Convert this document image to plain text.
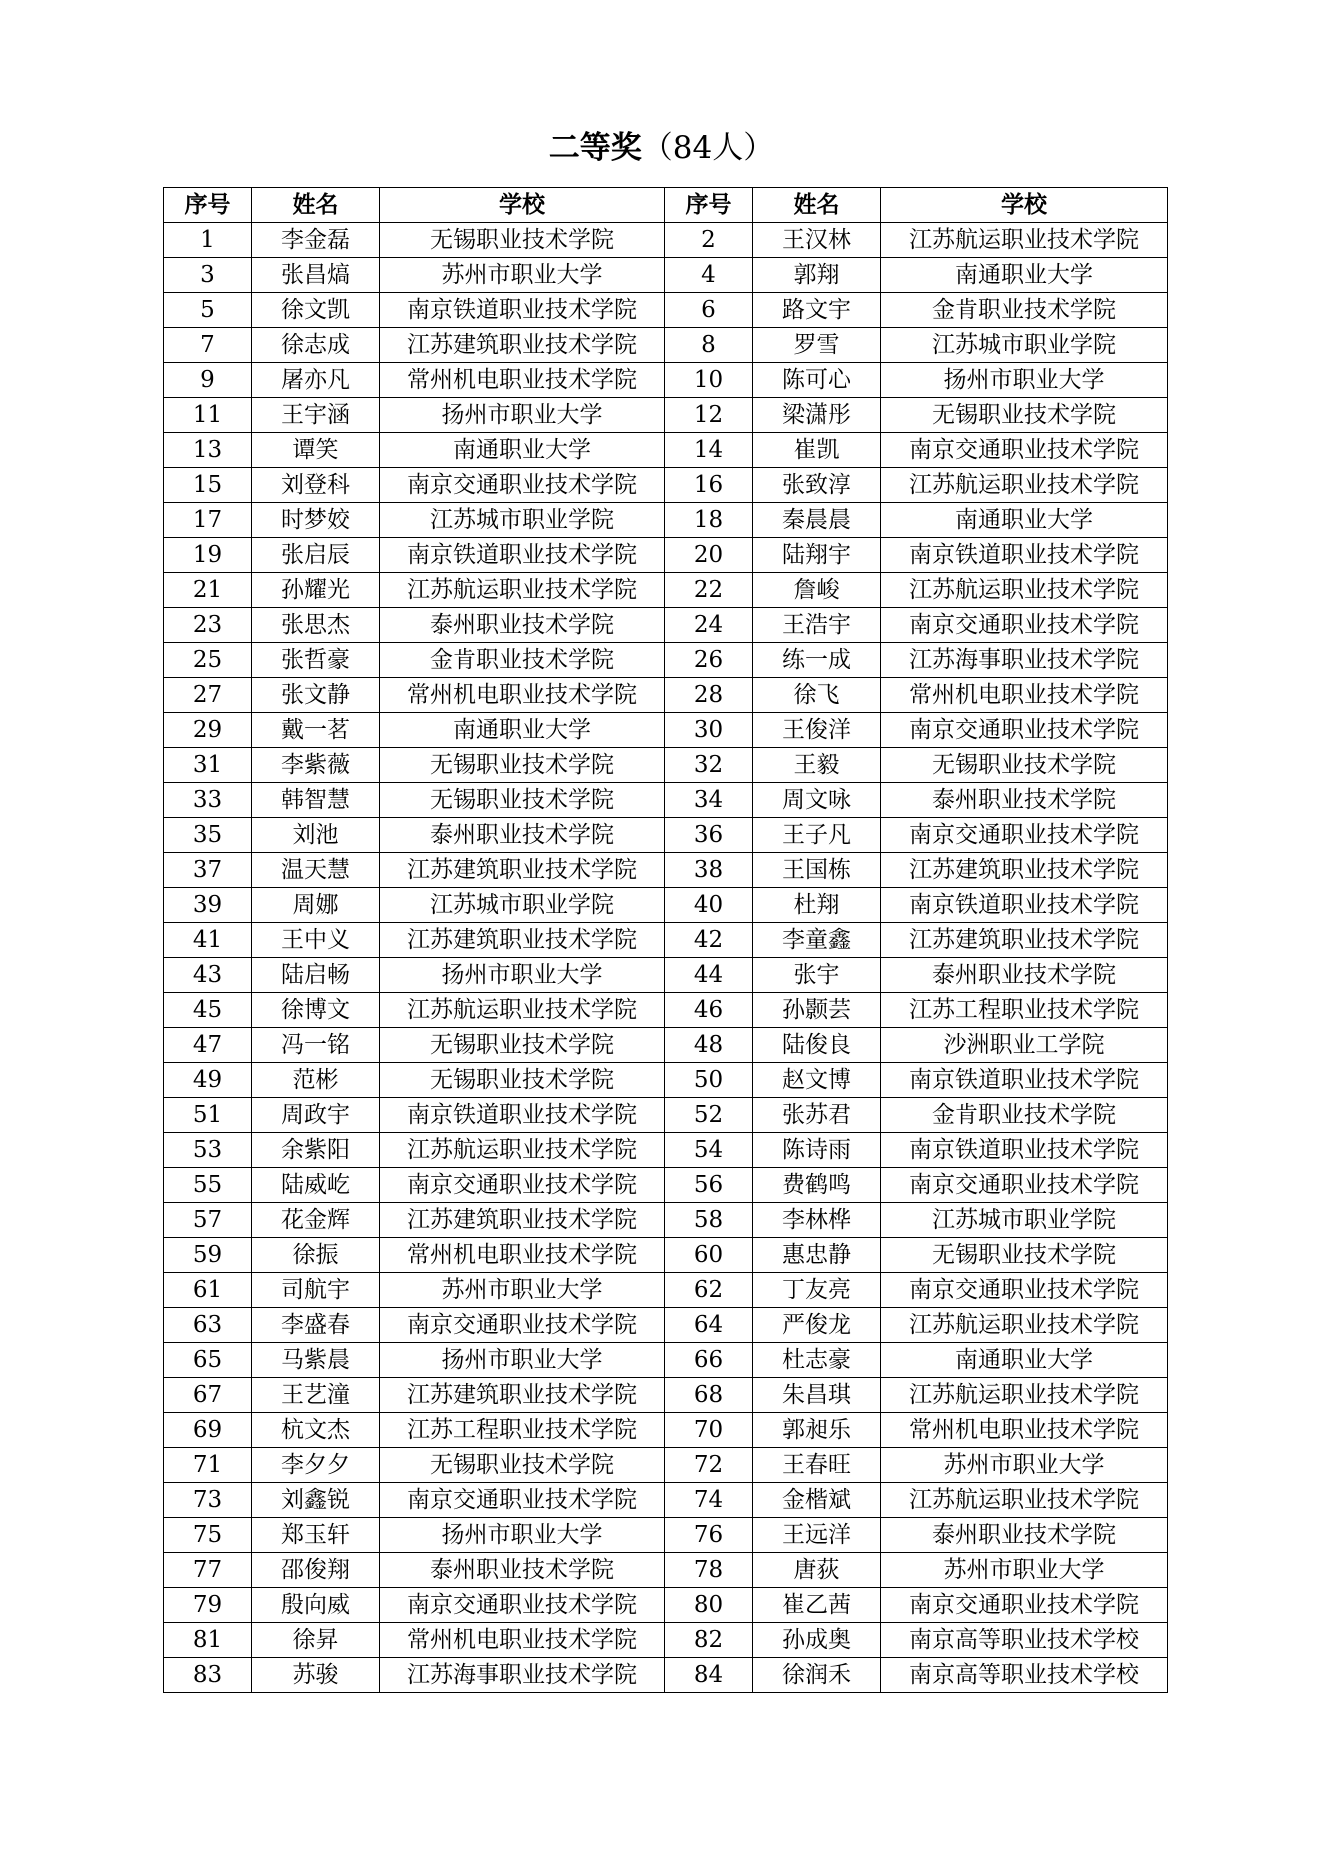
二等奖（84人）
序号	姓名	学校	序号	姓名	学校
1	李金磊	无锡职业技术学院	2	王汉林	江苏航运职业技术学院
3	张昌熇	苏州市职业大学	4	郭翔	南通职业大学
5	徐文凯	南京铁道职业技术学院	6	路文宇	金肯职业技术学院
7	徐志成	江苏建筑职业技术学院	8	罗雪	江苏城市职业学院
9	屠亦凡	常州机电职业技术学院	10	陈可心	扬州市职业大学
11	王宇涵	扬州市职业大学	12	梁潇彤	无锡职业技术学院
13	谭笑	南通职业大学	14	崔凯	南京交通职业技术学院
15	刘登科	南京交通职业技术学院	16	张致淳	江苏航运职业技术学院
17	时梦姣	江苏城市职业学院	18	秦晨晨	南通职业大学
19	张启辰	南京铁道职业技术学院	20	陆翔宇	南京铁道职业技术学院
21	孙耀光	江苏航运职业技术学院	22	詹峻	江苏航运职业技术学院
23	张思杰	泰州职业技术学院	24	王浩宇	南京交通职业技术学院
25	张哲豪	金肯职业技术学院	26	练一成	江苏海事职业技术学院
27	张文静	常州机电职业技术学院	28	徐飞	常州机电职业技术学院
29	戴一茗	南通职业大学	30	王俊洋	南京交通职业技术学院
31	李紫薇	无锡职业技术学院	32	王毅	无锡职业技术学院
33	韩智慧	无锡职业技术学院	34	周文咏	泰州职业技术学院
35	刘池	泰州职业技术学院	36	王子凡	南京交通职业技术学院
37	温天慧	江苏建筑职业技术学院	38	王国栋	江苏建筑职业技术学院
39	周娜	江苏城市职业学院	40	杜翔	南京铁道职业技术学院
41	王中义	江苏建筑职业技术学院	42	李童鑫	江苏建筑职业技术学院
43	陆启畅	扬州市职业大学	44	张宇	泰州职业技术学院
45	徐博文	江苏航运职业技术学院	46	孙颢芸	江苏工程职业技术学院
47	冯一铭	无锡职业技术学院	48	陆俊良	沙洲职业工学院
49	范彬	无锡职业技术学院	50	赵文博	南京铁道职业技术学院
51	周政宇	南京铁道职业技术学院	52	张苏君	金肯职业技术学院
53	余紫阳	江苏航运职业技术学院	54	陈诗雨	南京铁道职业技术学院
55	陆威屹	南京交通职业技术学院	56	费鹤鸣	南京交通职业技术学院
57	花金辉	江苏建筑职业技术学院	58	李林桦	江苏城市职业学院
59	徐振	常州机电职业技术学院	60	惠忠静	无锡职业技术学院
61	司航宇	苏州市职业大学	62	丁友亮	南京交通职业技术学院
63	李盛春	南京交通职业技术学院	64	严俊龙	江苏航运职业技术学院
65	马紫晨	扬州市职业大学	66	杜志豪	南通职业大学
67	王艺潼	江苏建筑职业技术学院	68	朱昌琪	江苏航运职业技术学院
69	杭文杰	江苏工程职业技术学院	70	郭昶乐	常州机电职业技术学院
71	李夕夕	无锡职业技术学院	72	王春旺	苏州市职业大学
73	刘鑫锐	南京交通职业技术学院	74	金楷斌	江苏航运职业技术学院
75	郑玉轩	扬州市职业大学	76	王远洋	泰州职业技术学院
77	邵俊翔	泰州职业技术学院	78	唐荻	苏州市职业大学
79	殷向威	南京交通职业技术学院	80	崔乙茜	南京交通职业技术学院
81	徐昇	常州机电职业技术学院	82	孙成奥	南京高等职业技术学校
83	苏骏	江苏海事职业技术学院	84	徐润禾	南京高等职业技术学校
